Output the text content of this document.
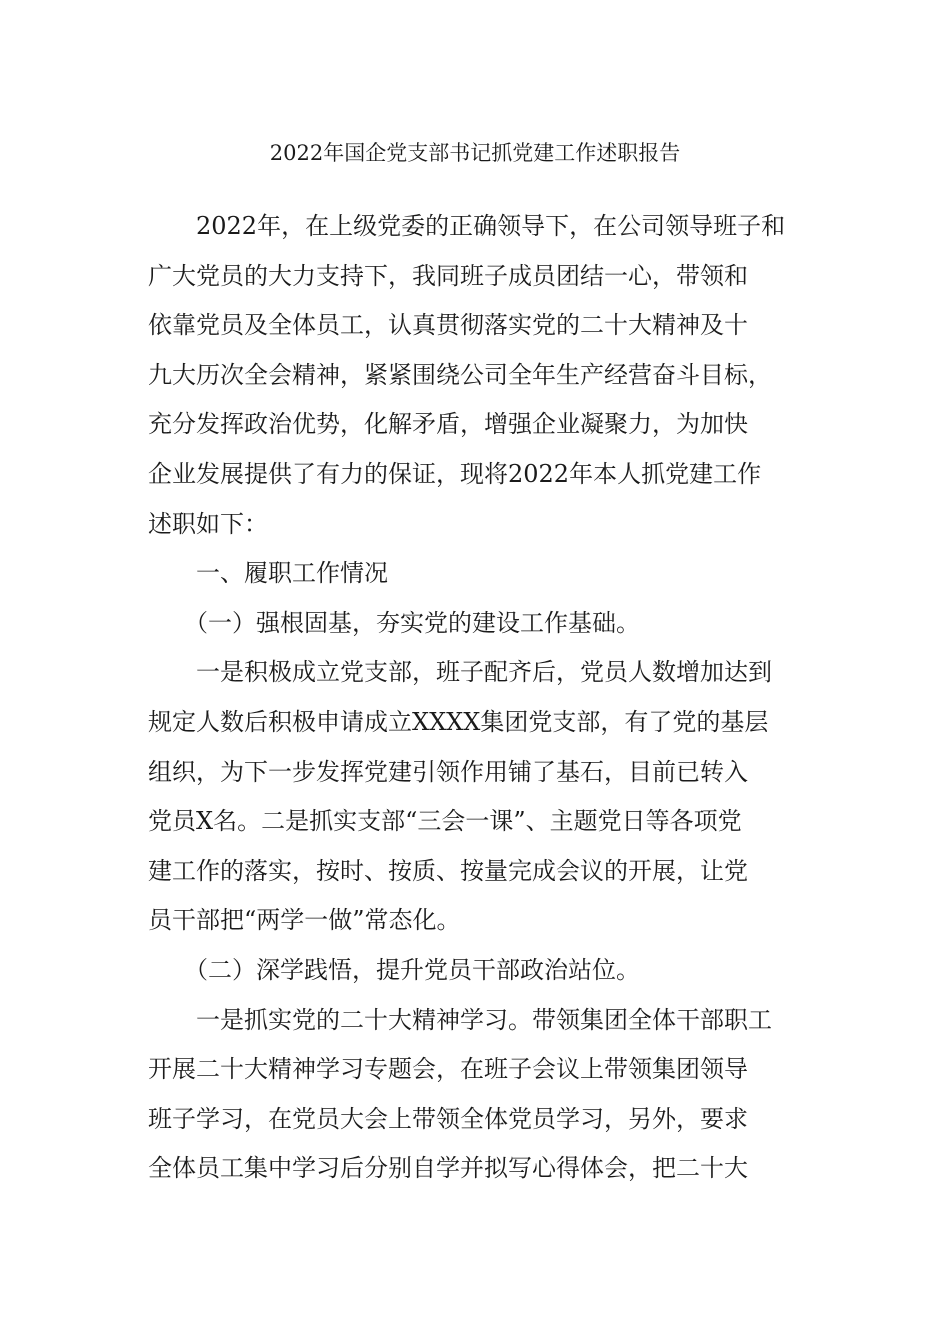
2022年国企党支部书记抓党建工作述职报告

　　2022年，在上级党委的正确领导下，在公司领导班子和

广大党员的大力支持下，我同班子成员团结一心，带领和

依靠党员及全体员工，认真贯彻落实党的二十大精神及十

九大历次全会精神，紧紧围绕公司全年生产经营奋斗目标，

充分发挥政治优势，化解矛盾，增强企业凝聚力，为加快

企业发展提供了有力的保证，现将2022年本人抓党建工作

述职如下：

　　一、履职工作情况

　　（一）强根固基，夯实党的建设工作基础。

　　一是积极成立党支部，班子配齐后，党员人数增加达到

规定人数后积极申请成立XXXX集团党支部，有了党的基层

组织，为下一步发挥党建引领作用铺了基石，目前已转入

党员X名。二是抓实支部“三会一课”、主题党日等各项党

建工作的落实，按时、按质、按量完成会议的开展，让党

员干部把“两学一做”常态化。

　　（二）深学践悟，提升党员干部政治站位。

　　一是抓实党的二十大精神学习。带领集团全体干部职工

开展二十大精神学习专题会，在班子会议上带领集团领导

班子学习，在党员大会上带领全体党员学习，另外，要求

全体员工集中学习后分别自学并拟写心得体会，把二十大
